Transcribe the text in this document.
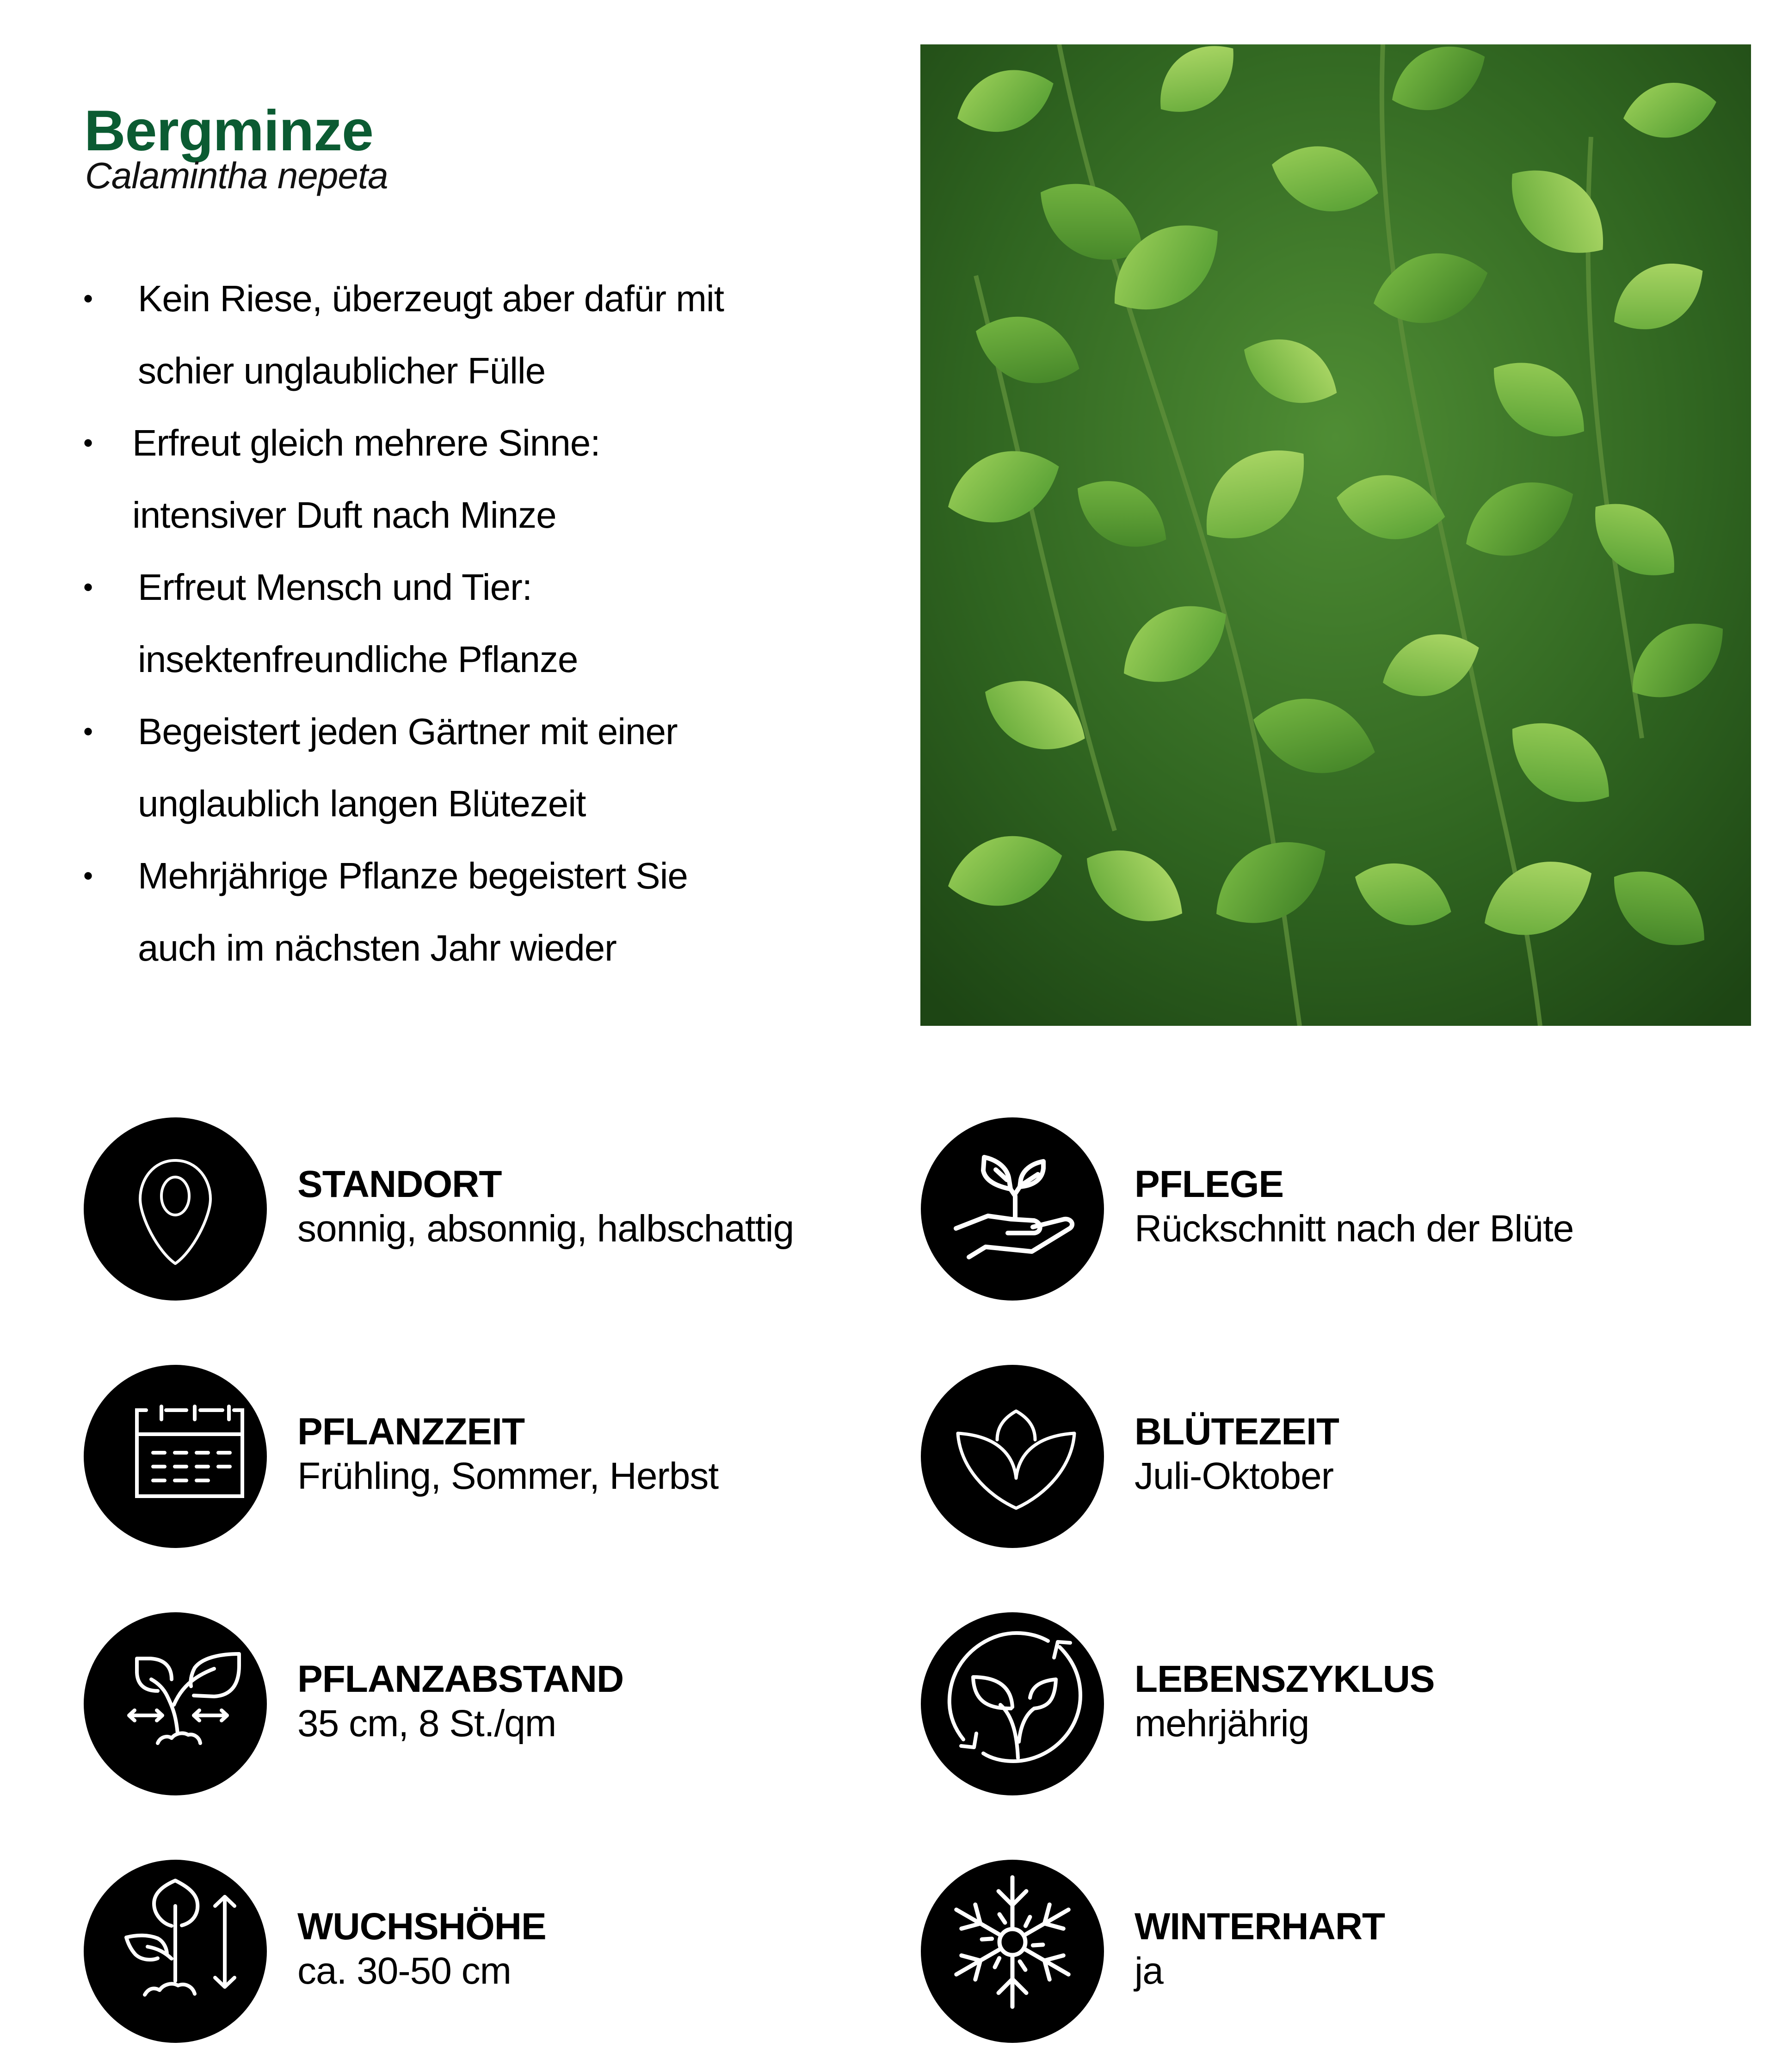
Bergminze
Calamintha nepeta
• Kein Riese, überzeugt aber dafür mit
schier unglaublicher Fülle
• Erfreut gleich mehrere Sinne:
intensiver Duft nach Minze
• Erfreut Mensch und Tier:
insektenfreundliche Pflanze
• Begeistert jeden Gärtner mit einer
unglaublich langen Blütezeit
• Mehrjährige Pflanze begeistert Sie
auch im nächsten Jahr wieder
STANDORT
sonnig, absonnig, halbschattig
PFLEGE
Rückschnitt nach der Blüte
PFLANZZEIT
Frühling, Sommer, Herbst
BLÜTEZEIT
Juli-Oktober
PFLANZABSTAND
35 cm, 8 St./qm
LEBENSZYKLUS
mehrjährig
WUCHSHÖHE
ca. 30-50 cm
WINTERHART
ja
